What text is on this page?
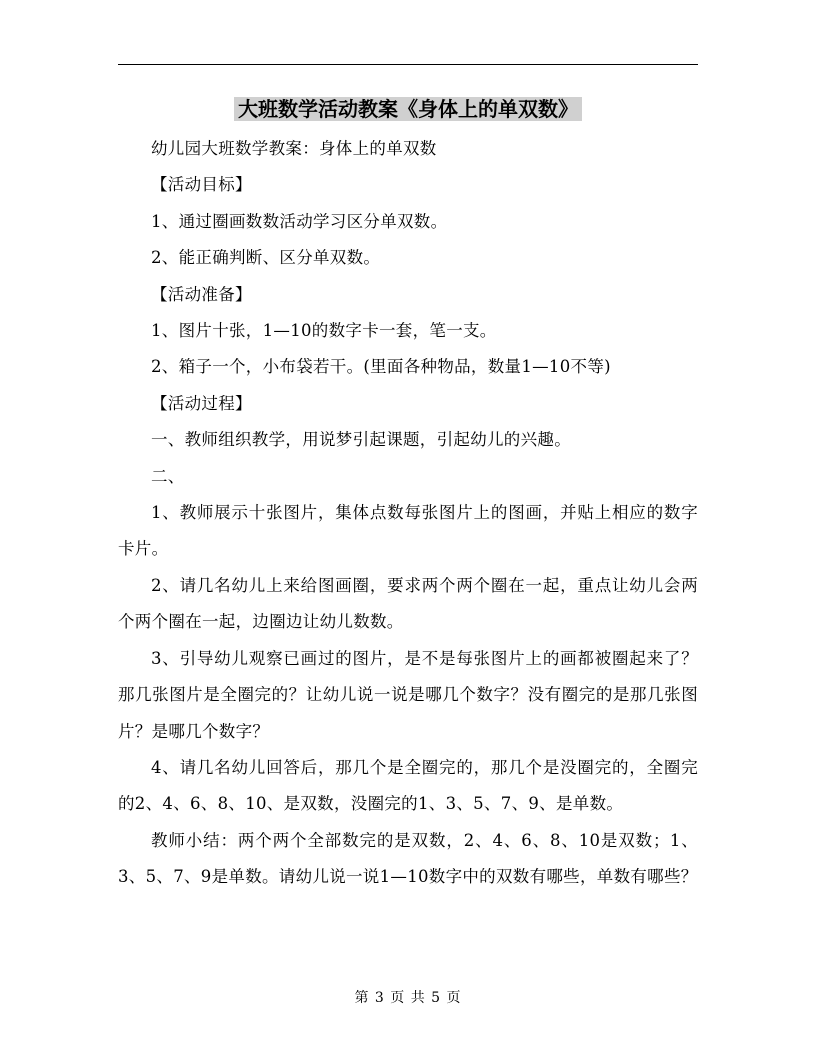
大班数学活动教案《身体上的单双数》

幼儿园大班数学教案：身体上的单双数

【活动目标】

1、通过圈画数数活动学习区分单双数。

2、能正确判断、区分单双数。

【活动准备】

1、图片十张，1—10的数字卡一套，笔一支。

2、箱子一个，小布袋若干。(里面各种物品，数量1—10不等)

【活动过程】

一、教师组织教学，用说梦引起课题，引起幼儿的兴趣。

二、

1、教师展示十张图片，集体点数每张图片上的图画，并贴上相应的数字卡片。

2、请几名幼儿上来给图画圈，要求两个两个圈在一起，重点让幼儿会两个两个圈在一起，边圈边让幼儿数数。

3、引导幼儿观察已画过的图片，是不是每张图片上的画都被圈起来了？那几张图片是全圈完的？让幼儿说一说是哪几个数字？没有圈完的是那几张图片？是哪几个数字？

4、请几名幼儿回答后，那几个是全圈完的，那几个是没圈完的，全圈完的2、4、6、8、10、是双数，没圈完的1、3、5、7、9、是单数。

教师小结：两个两个全部数完的是双数，2、4、6、8、10是双数；1、3、5、7、9是单数。请幼儿说一说1—10数字中的双数有哪些，单数有哪些？

第 3 页 共 5 页
